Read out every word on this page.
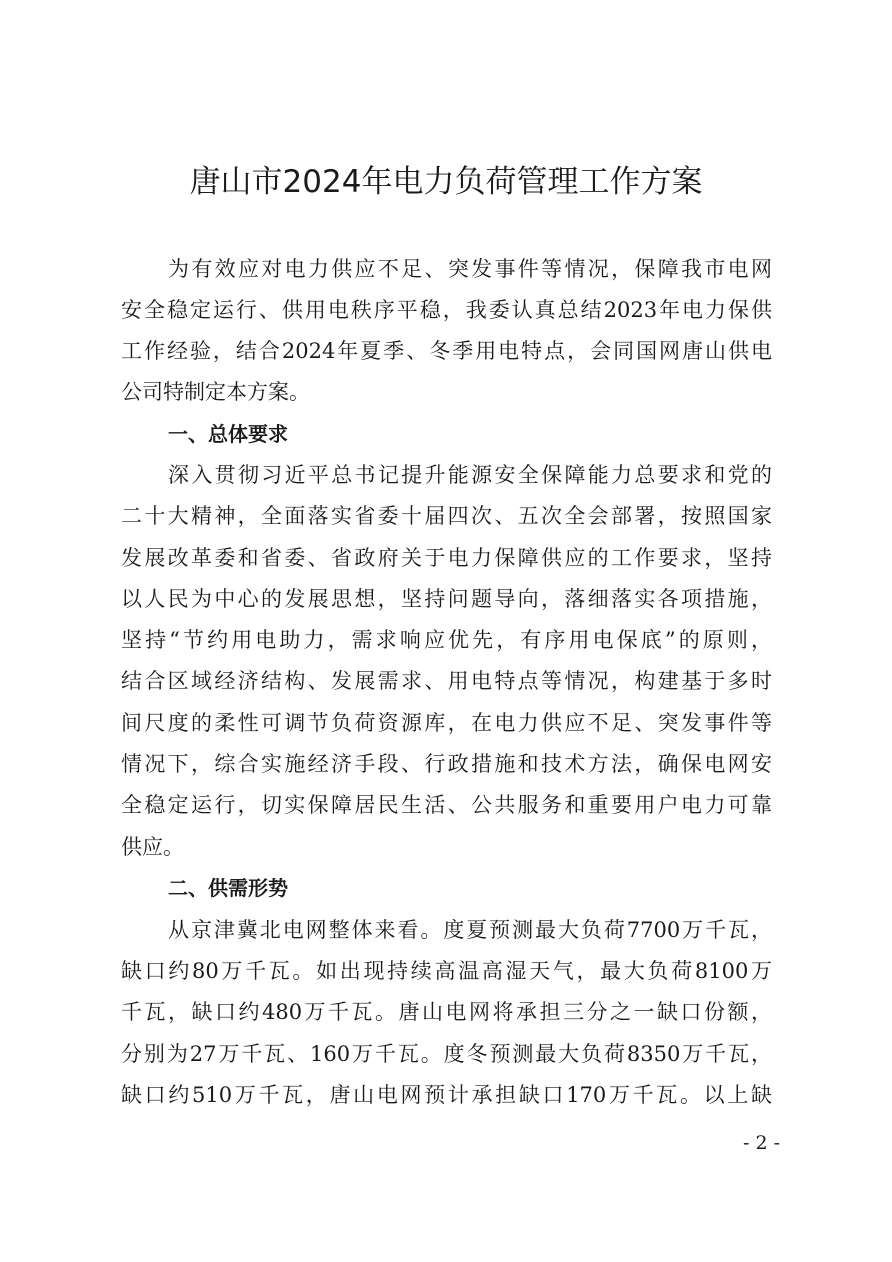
唐山市2024年电力负荷管理工作方案
为有效应对电力供应不足、突发事件等情况，保障我市电网
安全稳定运行、供用电秩序平稳，我委认真总结2023年电力保供
工作经验，结合2024年夏季、冬季用电特点，会同国网唐山供电
公司特制定本方案。
一、总体要求
深入贯彻习近平总书记提升能源安全保障能力总要求和党的
二十大精神，全面落实省委十届四次、五次全会部署，按照国家
发展改革委和省委、省政府关于电力保障供应的工作要求，坚持
以人民为中心的发展思想，坚持问题导向，落细落实各项措施，
坚持“节约用电助力，需求响应优先，有序用电保底”的原则，
结合区域经济结构、发展需求、用电特点等情况，构建基于多时
间尺度的柔性可调节负荷资源库，在电力供应不足、突发事件等
情况下，综合实施经济手段、行政措施和技术方法，确保电网安
全稳定运行，切实保障居民生活、公共服务和重要用户电力可靠
供应。
二、供需形势
从京津冀北电网整体来看。度夏预测最大负荷7700万千瓦，
缺口约80万千瓦。如出现持续高温高湿天气，最大负荷8100万
千瓦，缺口约480万千瓦。唐山电网将承担三分之一缺口份额，
分别为27万千瓦、160万千瓦。度冬预测最大负荷8350万千瓦，
缺口约510万千瓦，唐山电网预计承担缺口170万千瓦。以上缺
- 2 -
